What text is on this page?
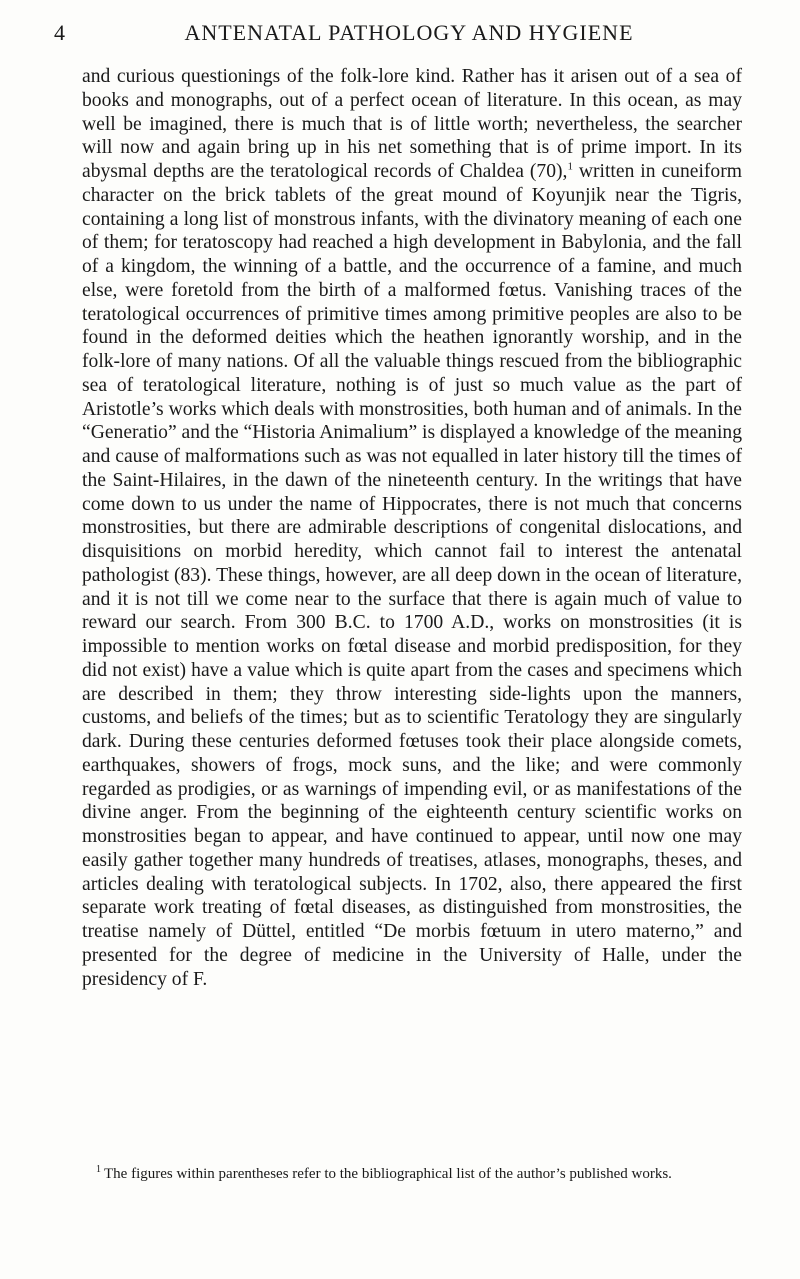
4	ANTENATAL PATHOLOGY AND HYGIENE

and curious questionings of the folk-lore kind. Rather has it arisen out of a sea of books and monographs, out of a perfect ocean of literature. In this ocean, as may well be imagined, there is much that is of little worth; nevertheless, the searcher will now and again bring up in his net something that is of prime import. In its abysmal depths are the teratological records of Chaldea (70),$^1$ written in cuneiform character on the brick tablets of the great mound of Koyunjik near the Tigris, containing a long list of monstrous infants, with the divinatory meaning of each one of them; for teratoscopy had reached a high development in Babylonia, and the fall of a kingdom, the winning of a battle, and the occurrence of a famine, and much else, were foretold from the birth of a malformed fœtus. Vanishing traces of the teratological occurrences of primitive times among primitive peoples are also to be found in the deformed deities which the heathen ignorantly worship, and in the folk-lore of many nations. Of all the valuable things rescued from the bibliographic sea of teratological literature, nothing is of just so much value as the part of Aristotle’s works which deals with monstrosities, both human and of animals. In the “Generatio” and the “Historia Animalium” is displayed a knowledge of the meaning and cause of malformations such as was not equalled in later history till the times of the Saint-Hilaires, in the dawn of the nineteenth century. In the writings that have come down to us under the name of Hippocrates, there is not much that concerns monstrosities, but there are admirable descriptions of congenital dislocations, and disquisitions on morbid heredity, which cannot fail to interest the antenatal pathologist (83). These things, however, are all deep down in the ocean of literature, and it is not till we come near to the surface that there is again much of value to reward our search. From 300 B.C. to 1700 A.D., works on monstrosities (it is impossible to mention works on fœtal disease and morbid predisposition, for they did not exist) have a value which is quite apart from the cases and specimens which are described in them; they throw interesting side-lights upon the manners, customs, and beliefs of the times; but as to scientific Teratology they are singularly dark. During these centuries deformed fœtuses took their place alongside comets, earthquakes, showers of frogs, mock suns, and the like; and were commonly regarded as prodigies, or as warnings of impending evil, or as manifestations of the divine anger. From the beginning of the eighteenth century scientific works on monstrosities began to appear, and have continued to appear, until now one may easily gather together many hundreds of treatises, atlases, monographs, theses, and articles dealing with teratological subjects. In 1702, also, there appeared the first separate work treating of fœtal diseases, as distinguished from monstrosities, the treatise namely of Düttel, entitled “De morbis fœtuum in utero materno,” and presented for the degree of medicine in the University of Halle, under the presidency of F.

$^1$ The figures within parentheses refer to the bibliographical list of the author’s published works.
